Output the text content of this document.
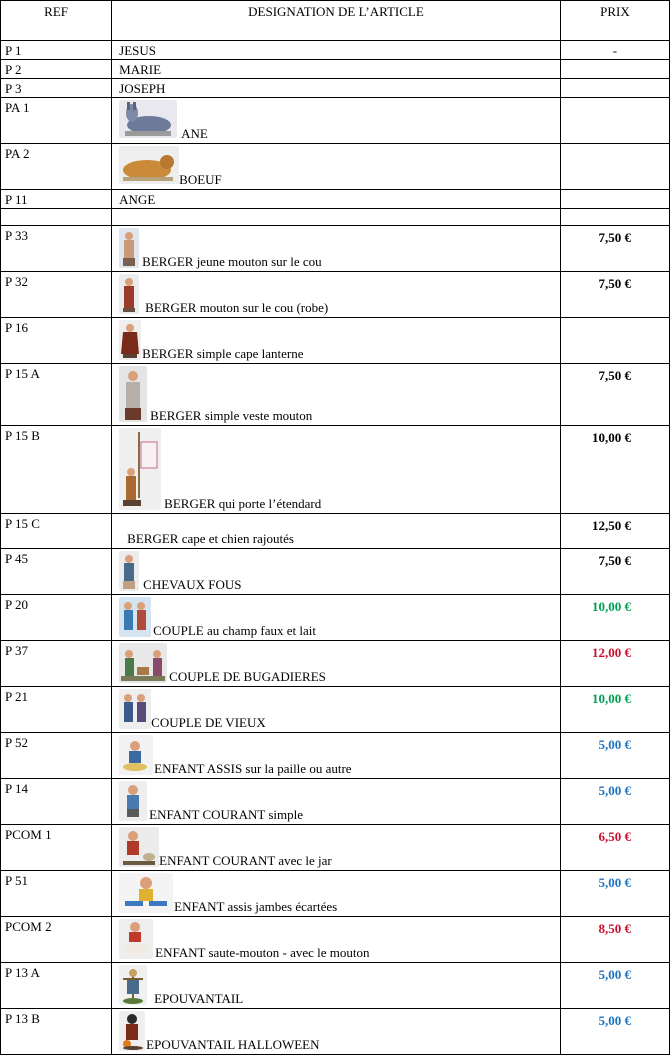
REF	DESIGNATION DE L’ARTICLE	PRIX
P 1	JESUS	-
P 2	MARIE	

P 3	JOSEPH	

PA 1	ANE	

PA 2	BOEUF	

P 11	ANGE	

P 33	BERGER jeune mouton sur le cou	7,50 €
P 32	BERGER mouton sur le cou (robe)	7,50 €
P 16	BERGER simple cape lanterne	

P 15 A	BERGER simple veste mouton	7,50 €
P 15 B	BERGER qui porte l’étendard	10,00 €
P 15 C	BERGER cape et chien rajoutés	12,50 €
P 45	CHEVAUX FOUS	7,50 €
P 20	COUPLE au champ faux et lait	10,00 €
P 37	COUPLE DE BUGADIERES	12,00 €
P 21	COUPLE DE VIEUX	10,00 €
P 52	ENFANT ASSIS sur la paille ou autre	5,00 €
P 14	ENFANT COURANT simple	5,00 €
PCOM 1	ENFANT COURANT avec le jar	6,50 €
P 51	ENFANT assis jambes écartées	5,00 €
PCOM 2	ENFANT saute-mouton - avec le mouton	8,50 €
P 13 A	EPOUVANTAIL	5,00 €
P 13 B	EPOUVANTAIL HALLOWEEN	5,00 €
